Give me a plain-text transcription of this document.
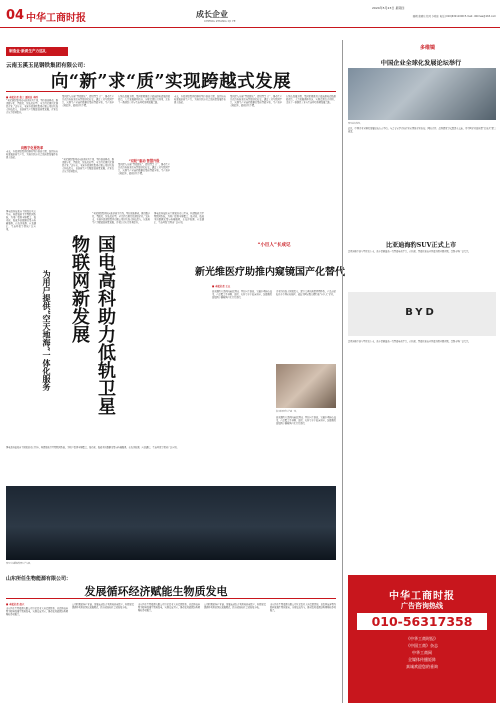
04 中华工商时报	成长企业
CHENG ZHANG QI YE
2024年5月23日 星期四
编辑 张晓东 校对 李晓东 电话 (010)63211000 E-mail: cbtimes@163.com
制造业·新质生产力巡礼
云南玉溪玉昆钢铁集团有限公司：
向“新”求“质”实现跨越式发展
■ 本报记者 张三 通讯员 李四
“玉昆钢铁集团以向新求质为主线，坚持创新驱动，推进数字化、智能化、绿色化转型，全力打造现代化钢铁企业。”近年来，玉溪玉昆钢铁集团有限公司持续加大科技投入，以新质生产力赋能高质量发展，企业综合实力显著提升。
集团深入实施“智改数转”，建设智慧工厂，推动生产方式由传统制造向智能制造转变。通过工业互联网平台，实现生产全流程数据采集和智能分析，生产效率大幅提升，能耗持续下降。
在绿色发展方面，集团积极推进节能减排和超低排放改造，大力发展循环经济，实现资源综合利用，走出了一条钢铁工业与生态环境协调发展之路。
“双轮”驱动 智慧升级
未来，玉昆钢铁集团将继续坚持创新引领，加快培育和发展新质生产力，为地方经济社会高质量发展作出更大贡献。
集团深入实施“智改数转”，建设智慧工厂，推动生产方式由传统制造向智能制造转变。通过工业互联网平台，实现生产全流程数据采集和智能分析，生产效率大幅提升，能耗持续下降。
在绿色发展方面，集团积极推进节能减排和超低排放改造，大力发展循环经济，实现资源综合利用，走出了一条钢铁工业与生态环境协调发展之路。
向数字化要效率
未来，玉昆钢铁集团将继续坚持创新引领，加快培育和发展新质生产力，为地方经济社会高质量发展作出更大贡献。
“玉昆钢铁集团以向新求质为主线，坚持创新驱动，推进数字化、智能化、绿色化转型，全力打造现代化钢铁企业。”近年来，玉溪玉昆钢铁集团有限公司持续加大科技投入，以新质生产力赋能高质量发展，企业综合实力显著提升。
集团深入实施“智改数转”，建设智慧工厂，推动生产方式由传统制造向智能制造转变。通过工业互联网平台，实现生产全流程数据采集和智能分析，生产效率大幅提升，能耗持续下降。
国电高科助力低轨卫星物联网新发展
为用户提供“空天地海”一体化服务
国电高科依托自主研发的天启星座，构建低轨卫星物联网系统，为用户提供全球覆盖、低功耗、低成本的数据采集与传输服务，在海洋监测、应急通信、生态环保等领域广泛应用。
“玉昆钢铁集团以向新求质为主线，坚持创新驱动，推进数字化、智能化、绿色化转型，全力打造现代化钢铁企业。”近年来，玉溪玉昆钢铁集团有限公司持续加大科技投入，以新质生产力赋能高质量发展，企业综合实力显著提升。
国电高科依托自主研发的天启星座，构建低轨卫星物联网系统，为用户提供全球覆盖、低功耗、低成本的数据采集与传输服务，在海洋监测、应急通信、生态环保等领域广泛应用。
国电高科依托自主研发的天启星座，构建低轨卫星物联网系统，为用户提供全球覆盖、低功耗、低成本的数据采集与传输服务，在海洋监测、应急通信、生态环保等领域广泛应用。
图为玉昆钢铁集团生产车间。
“小巨人”长成记
新光维医疗助推内窥镜国产化替代
■ 本报记者 王五
新光维医疗深耕内窥镜领域，坚持自主创新，突破多项核心技术，产品覆盖耳鼻喉、泌尿、妇科等多个临床科室，加速推进高端医疗器械国产化替代进程。
企业持续加大研发投入，建立完善的质量管理体系，产品远销海外多个国家和地区，成长为国家级专精特新“小巨人”企业。
新光维医疗生产线一角。
新光维医疗深耕内窥镜领域，坚持自主创新，突破多项核心技术，产品覆盖耳鼻喉、泌尿、妇科等多个临床科室，加速推进高端医疗器械国产化替代进程。
山东所任生物能源有限公司：
发展循环经济赋能生物质发电
■ 本报记者 赵六
山东所任生物能源有限公司立足农业大省资源优势，以农林废弃物为燃料发展生物质发电，实现变废为宝，推动农村能源结构调整和乡村振兴。
公司积极延伸产业链，发展灰渣综合利用和热电联产，构建起资源循环利用的绿色发展模式，经济效益和社会效益双丰收。
山东所任生物能源有限公司立足农业大省资源优势，以农林废弃物为燃料发展生物质发电，实现变废为宝，推动农村能源结构调整和乡村振兴。
公司积极延伸产业链，发展灰渣综合利用和热电联产，构建起资源循环利用的绿色发展模式，经济效益和社会效益双丰收。
山东所任生物能源有限公司立足农业大省资源优势，以农林废弃物为燃料发展生物质发电，实现变废为宝，推动农村能源结构调整和乡村振兴。
多维镜
中国企业全球化发展论坛举行
图为论坛现场。
近日，中国企业全球化发展论坛在京举行。与会专家学者和企业家围绕企业出海、国际合作、品牌建设等议题深入交流，为中国企业高质量“走出去”建言献策。
比亚迪海豹SUV正式上市
比亚迪旗下新车型正式上市，新车搭载最新一代智能电动平台，在续航、智能化和安全性能方面全面升级，受到市场广泛关注。
BYD
比亚迪旗下新车型正式上市，新车搭载最新一代智能电动平台，在续航、智能化和安全性能方面全面升级，受到市场广泛关注。
中华工商时报
广告咨询热线
010-56317358
《中华工商时报》
《中国工商》杂志
中华工商网
全媒体传播矩阵
真诚欢迎您的垂询
